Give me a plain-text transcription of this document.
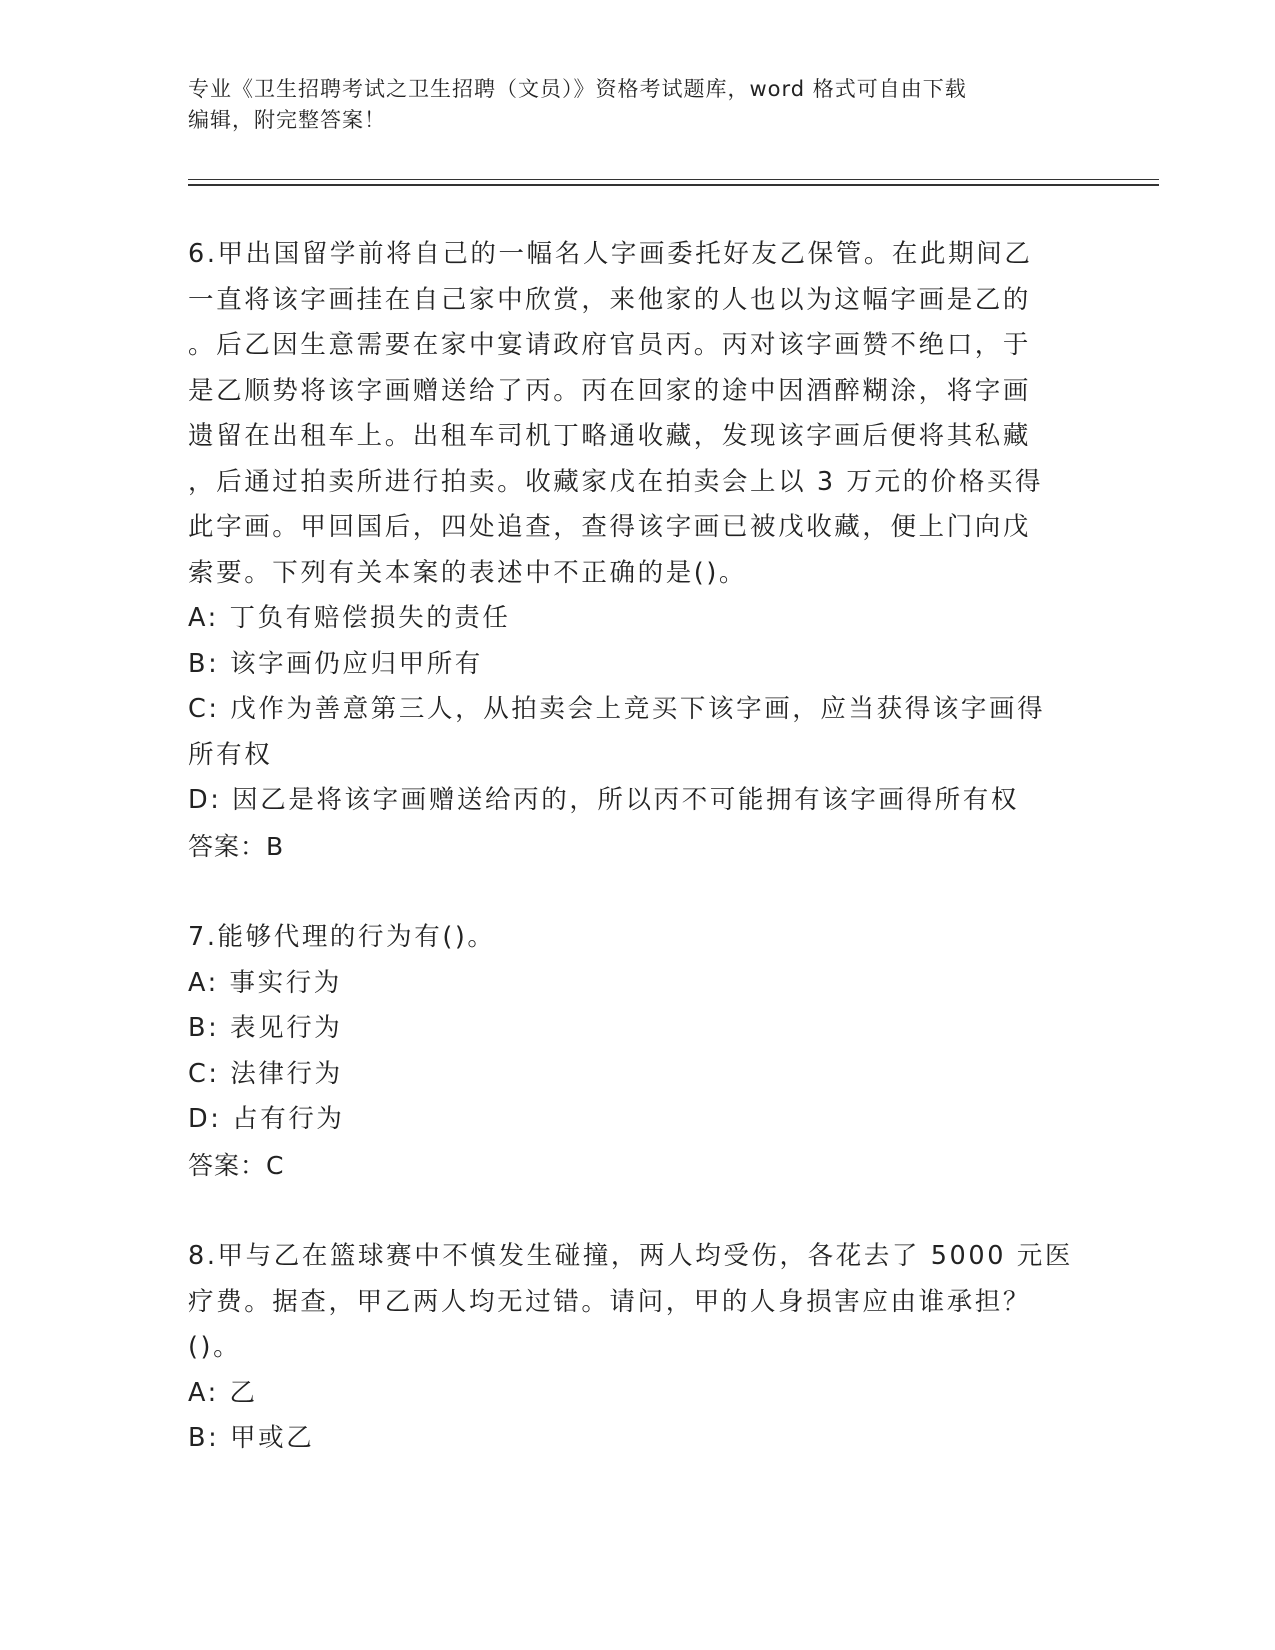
专业《卫生招聘考试之卫生招聘（文员）》资格考试题库，word 格式可自由下载
编辑，附完整答案！

6.甲出国留学前将自己的一幅名人字画委托好友乙保管。在此期间乙

一直将该字画挂在自己家中欣赏，来他家的人也以为这幅字画是乙的

。后乙因生意需要在家中宴请政府官员丙。丙对该字画赞不绝口，于

是乙顺势将该字画赠送给了丙。丙在回家的途中因酒醉糊涂，将字画

遗留在出租车上。出租车司机丁略通收藏，发现该字画后便将其私藏

，后通过拍卖所进行拍卖。收藏家戊在拍卖会上以 3 万元的价格买得

此字画。甲回国后，四处追查，查得该字画已被戊收藏，便上门向戊

索要。下列有关本案的表述中不正确的是()。

A: 丁负有赔偿损失的责任

B: 该字画仍应归甲所有

C: 戊作为善意第三人，从拍卖会上竞买下该字画，应当获得该字画得

所有权

D: 因乙是将该字画赠送给丙的，所以丙不可能拥有该字画得所有权

答案：B

7.能够代理的行为有()。

A: 事实行为

B: 表见行为

C: 法律行为

D: 占有行为

答案：C

8.甲与乙在篮球赛中不慎发生碰撞，两人均受伤，各花去了 5000 元医

疗费。据查，甲乙两人均无过错。请问，甲的人身损害应由谁承担？

()。

A: 乙

B: 甲或乙
